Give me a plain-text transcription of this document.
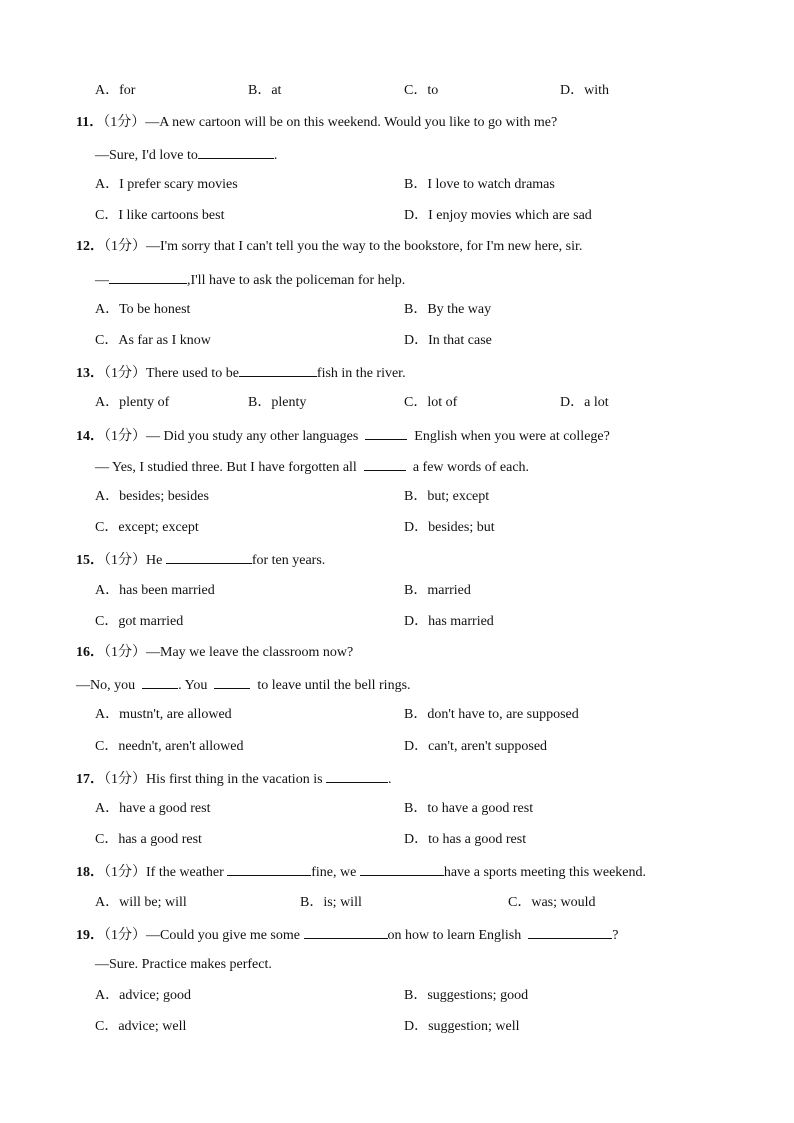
A．for	B．at	C．to	D．with
11．（1分）—A new cartoon will be on this weekend. Would you like to go with me?
—Sure, I'd love to	.
A．I prefer scary movies	B．I love to watch dramas
C．I like cartoons best	D．I enjoy movies which are sad
12．（1分）—I'm sorry that I can't tell you the way to the bookstore, for I'm new here, sir.
—	,I'll have to ask the policeman for help.
A．To be honest	B．By the way
C．As far as I know	D．In that case
13．（1分）There used to be	fish in the river.
A．plenty of	B．plenty	C．lot of	D．a lot
14．（1分）— Did you study any other languages	English when you were at college?
— Yes, I studied three. But I have forgotten all	a few words of each.
A．besides; besides	B．but; except
C．except; except	D．besides; but
15．（1分）He	for ten years.
A．has been married	B．married
C．got married	D．has married
16．（1分）—May we leave the classroom now?
—No, you	. You	to leave until the bell rings.
A．mustn't, are allowed	B．don't have to, are supposed
C．needn't, aren't allowed	D．can't, aren't supposed
17．（1分）His first thing in the vacation is	.
A．have a good rest	B．to have a good rest
C．has a good rest	D．to has a good rest
18．（1分）If the weather	fine, we	have a sports meeting this weekend.
A．will be; will	B．is; will	C．was; would
19．（1分）—Could you give me some	on how to learn English	?
—Sure. Practice makes perfect.
A．advice; good	B．suggestions; good
C．advice; well	D．suggestion; well
